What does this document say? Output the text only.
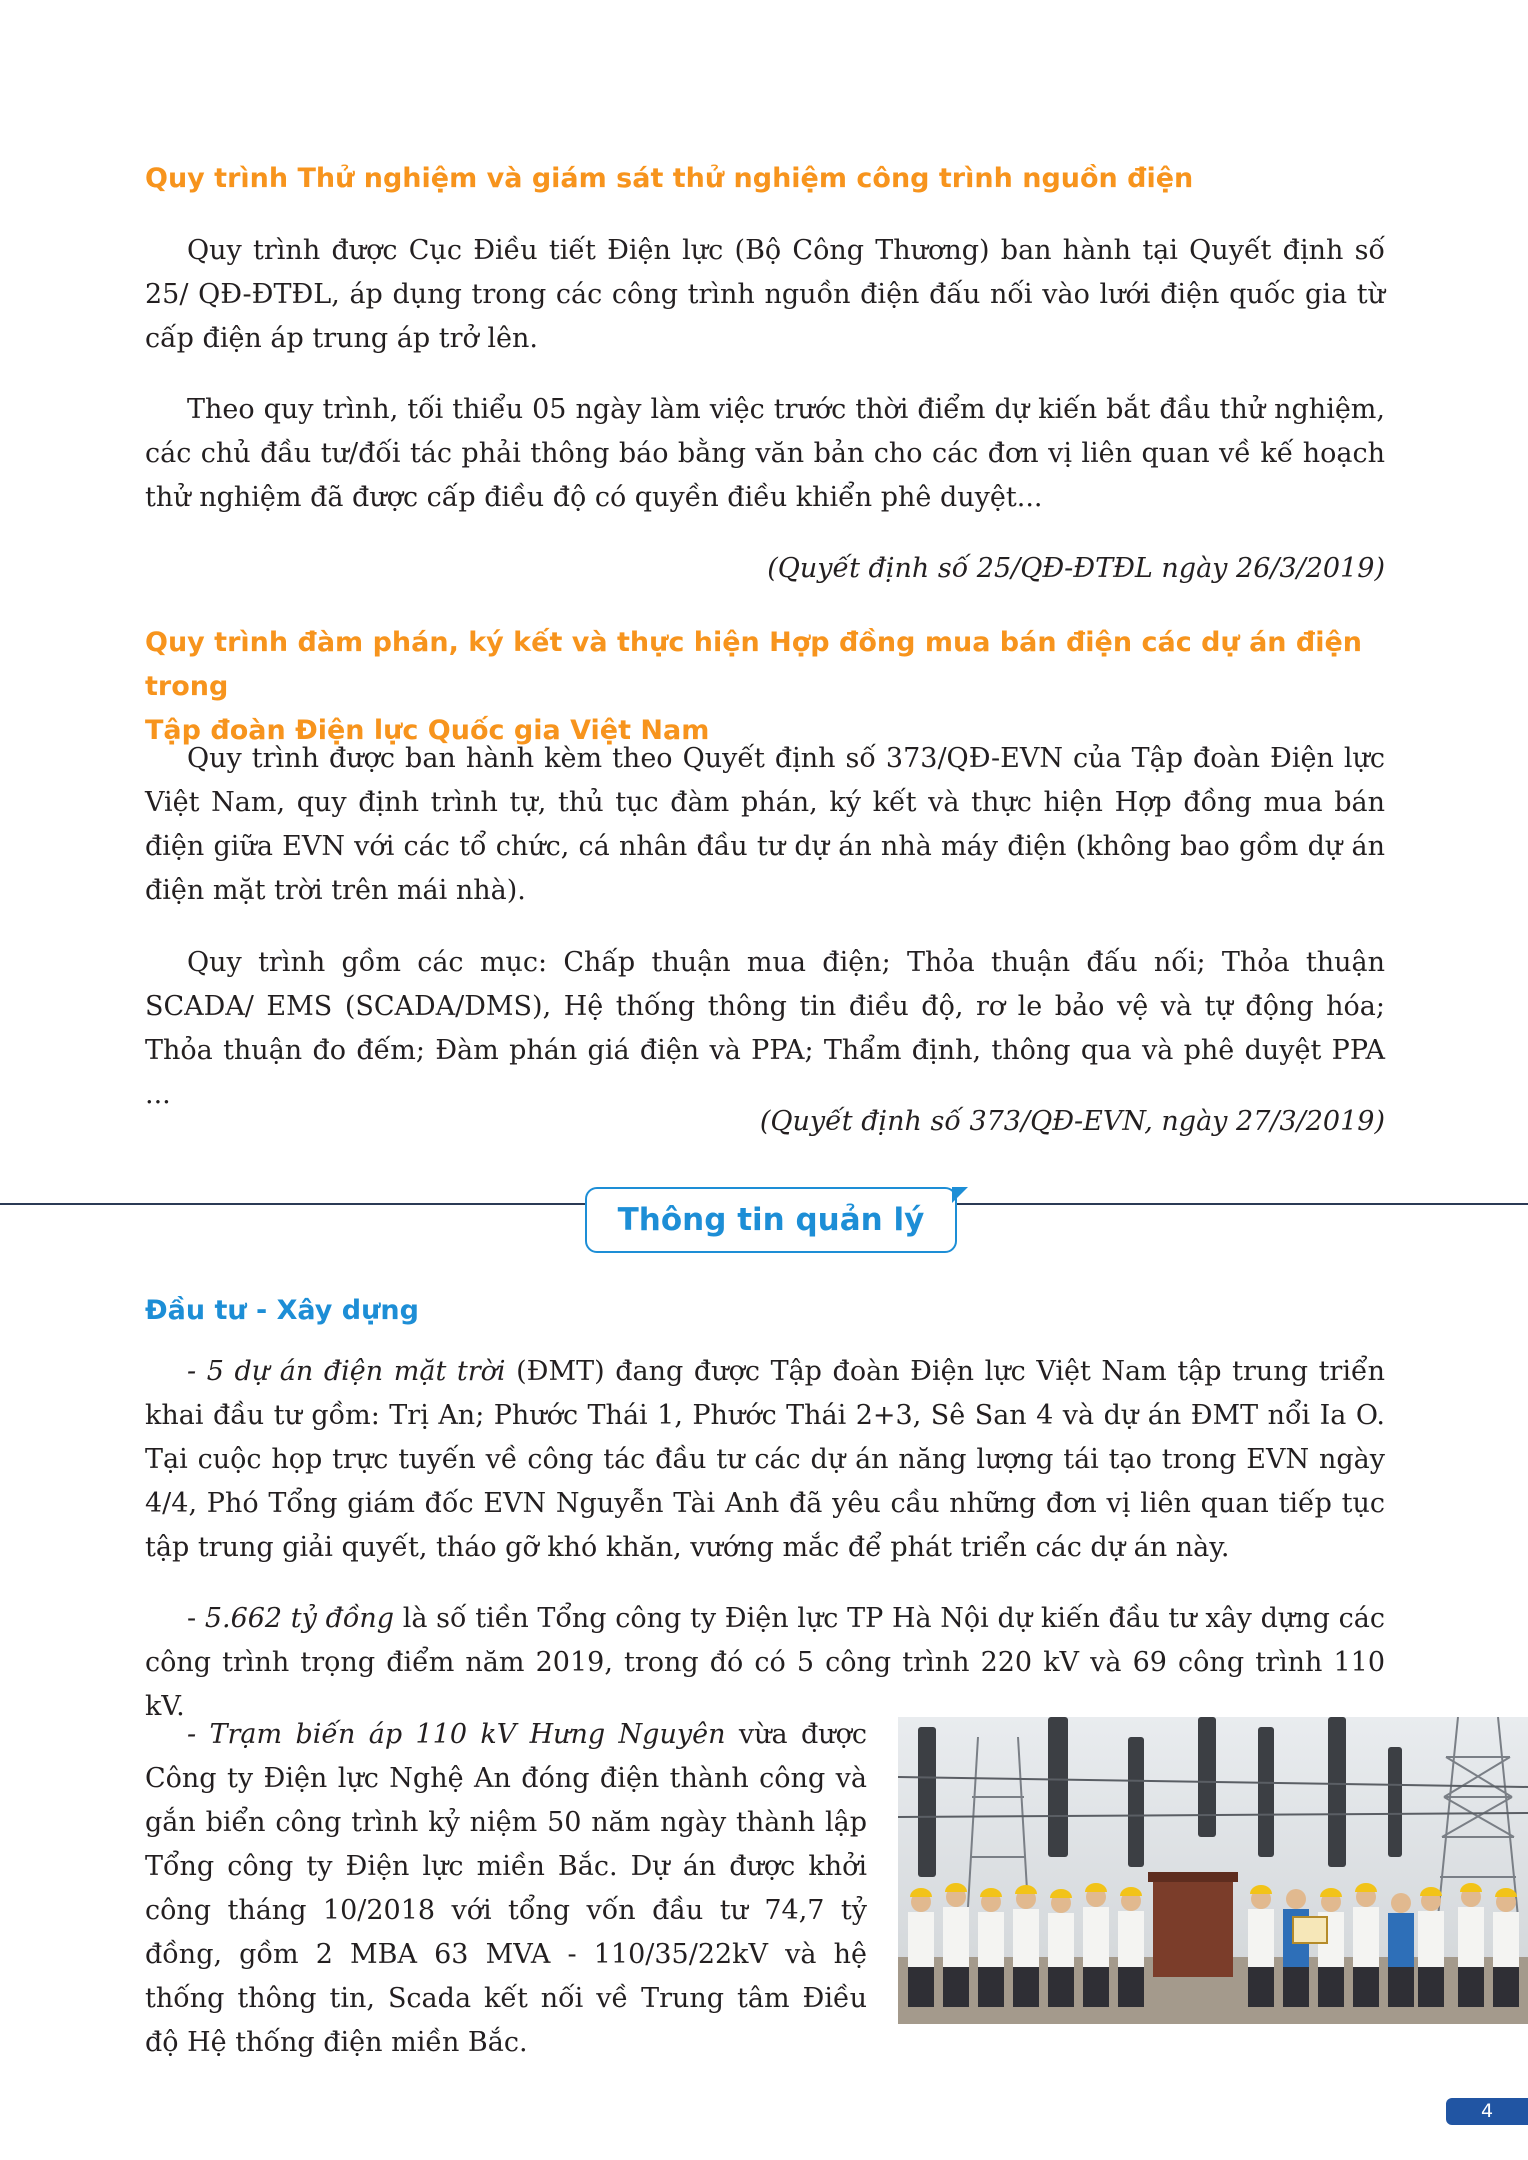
Quy trình Thử nghiệm và giám sát thử nghiệm công trình nguồn điện

Quy trình được Cục Điều tiết Điện lực (Bộ Công Thương) ban hành tại Quyết định số 25/ QĐ-ĐTĐL, áp dụng trong các công trình nguồn điện đấu nối vào lưới điện quốc gia từ cấp điện áp trung áp trở lên.

Theo quy trình, tối thiểu 05 ngày làm việc trước thời điểm dự kiến bắt đầu thử nghiệm, các chủ đầu tư/đối tác phải thông báo bằng văn bản cho các đơn vị liên quan về kế hoạch thử nghiệm đã được cấp điều độ có quyền điều khiển phê duyệt...

(Quyết định số 25/QĐ-ĐTĐL ngày 26/3/2019)
Quy trình đàm phán, ký kết và thực hiện Hợp đồng mua bán điện các dự án điện trong
Tập đoàn Điện lực Quốc gia Việt Nam

Quy trình được ban hành kèm theo Quyết định số 373/QĐ-EVN của Tập đoàn Điện lực Việt Nam, quy định trình tự, thủ tục đàm phán, ký kết và thực hiện Hợp đồng mua bán điện giữa EVN với các tổ chức, cá nhân đầu tư dự án nhà máy điện (không bao gồm dự án điện mặt trời trên mái nhà).

Quy trình gồm các mục: Chấp thuận mua điện; Thỏa thuận đấu nối; Thỏa thuận SCADA/ EMS (SCADA/DMS), Hệ thống thông tin điều độ, rơ le bảo vệ và tự động hóa; Thỏa thuận đo đếm; Đàm phán giá điện và PPA; Thẩm định, thông qua và phê duyệt PPA ...

(Quyết định số 373/QĐ-EVN, ngày 27/3/2019)
Thông tin quản lý
Đầu tư - Xây dựng

- 5 dự án điện mặt trời (ĐMT) đang được Tập đoàn Điện lực Việt Nam tập trung triển khai đầu tư gồm: Trị An; Phước Thái 1, Phước Thái 2+3, Sê San 4 và dự án ĐMT nổi Ia O. Tại cuộc họp trực tuyến về công tác đầu tư các dự án năng lượng tái tạo trong EVN ngày 4/4, Phó Tổng giám đốc EVN Nguyễn Tài Anh đã yêu cầu những đơn vị liên quan tiếp tục tập trung giải quyết, tháo gỡ khó khăn, vướng mắc để phát triển các dự án này.

- 5.662 tỷ đồng là số tiền Tổng công ty Điện lực TP Hà Nội dự kiến đầu tư xây dựng các công trình trọng điểm năm 2019, trong đó có 5 công trình 220 kV và 69 công trình 110 kV.

- Trạm biến áp 110 kV Hưng Nguyên vừa được Công ty Điện lực Nghệ An đóng điện thành công và gắn biển công trình kỷ niệm 50 năm ngày thành lập Tổng công ty Điện lực miền Bắc. Dự án được khởi công tháng 10/2018 với tổng vốn đầu tư 74,7 tỷ đồng, gồm 2 MBA 63 MVA - 110/35/22kV và hệ thống thông tin, Scada kết nối về Trung tâm Điều độ Hệ thống điện miền Bắc.

4
